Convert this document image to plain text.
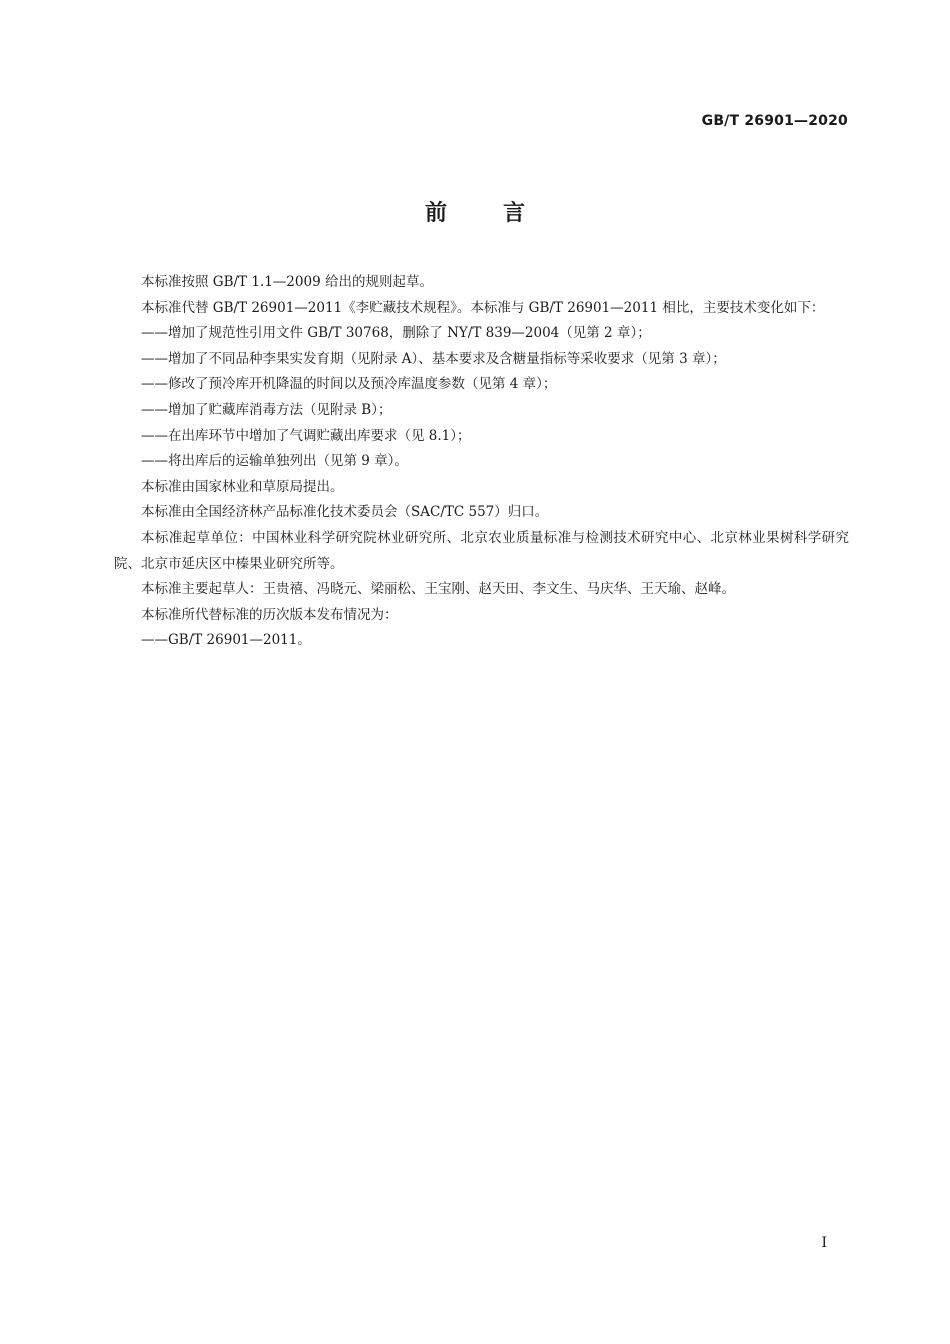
GB/T 26901—2020
前言

本标准按照 GB/T 1.1—2009 给出的规则起草。

本标准代替 GB/T 26901—2011《李贮藏技术规程》。本标准与 GB/T 26901—2011 相比，主要技术变化如下：

——增加了规范性引用文件 GB/T 30768，删除了 NY/T 839—2004（见第 2 章）；

——增加了不同品种李果实发育期（见附录 A）、基本要求及含糖量指标等采收要求（见第 3 章）；

——修改了预冷库开机降温的时间以及预冷库温度参数（见第 4 章）；

——增加了贮藏库消毒方法（见附录 B）；

——在出库环节中增加了气调贮藏出库要求（见 8.1）；

——将出库后的运输单独列出（见第 9 章）。

本标准由国家林业和草原局提出。

本标准由全国经济林产品标准化技术委员会（SAC/TC 557）归口。

本标准起草单位：中国林业科学研究院林业研究所、北京农业质量标准与检测技术研究中心、北京林业果树科学研究院、北京市延庆区中榛果业研究所等。

本标准主要起草人：王贵禧、冯晓元、梁丽松、王宝刚、赵天田、李文生、马庆华、王天瑜、赵峰。

本标准所代替标准的历次版本发布情况为：

——GB/T 26901—2011。

I
